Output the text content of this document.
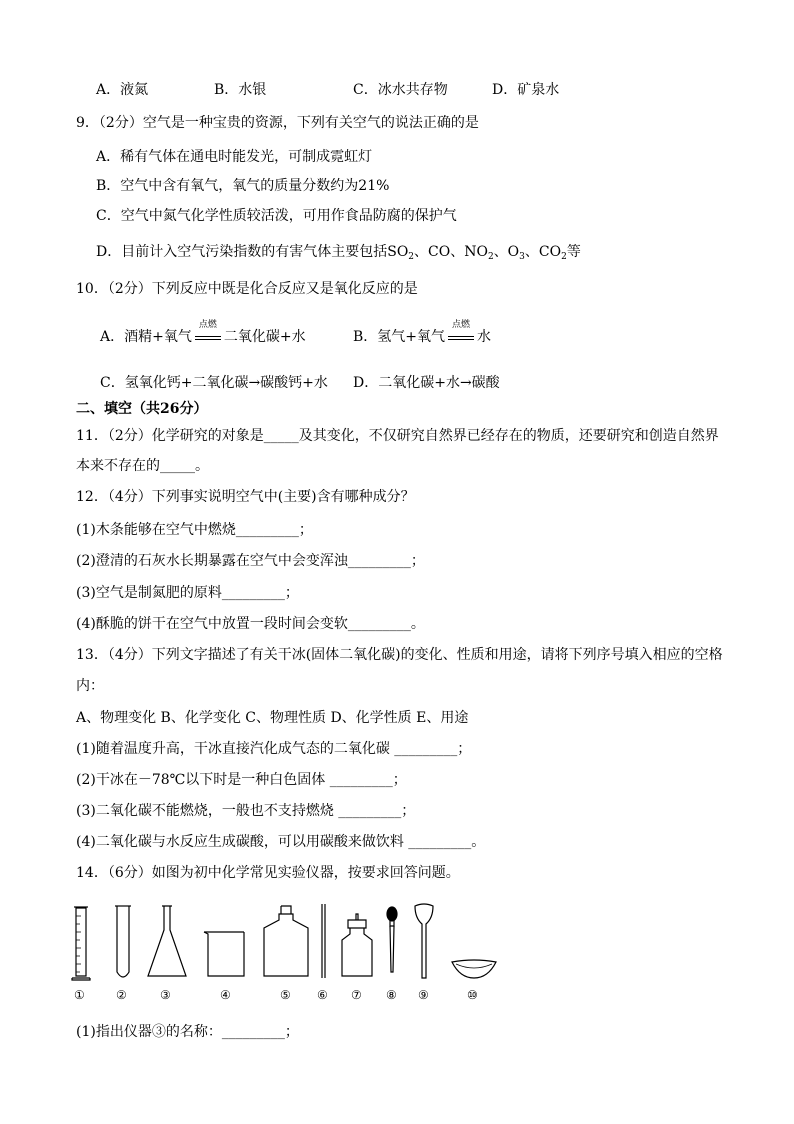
A．液氮	B．水银	C．冰水共存物	D．矿泉水
9．（2分）空气是一种宝贵的资源，下列有关空气的说法正确的是
A．稀有气体在通电时能发光，可制成霓虹灯
B．空气中含有氧气，氧气的质量分数约为21%
C．空气中氮气化学性质较活泼，可用作食品防腐的保护气
D．目前计入空气污染指数的有害气体主要包括$SO_2$、CO、$NO_2$、$O_3$、$CO_2$等
10．（2分）下列反应中既是化合反应又是氧化反应的是
A．酒精+氧气
点燃
二氧化碳+水	B．氢气+氧气
点燃
水
C．氢氧化钙+二氧化碳→碳酸钙+水 D．二氧化碳+水→碳酸
二、填空（共26分）
11．（2分）化学研究的对象是_____及其变化，不仅研究自然界已经存在的物质，还要研究和创造自然界
本来不存在的_____。
12．（4分）下列事实说明空气中(主要)含有哪种成分？
(1)木条能够在空气中燃烧_________；
(2)澄清的石灰水长期暴露在空气中会变浑浊_________；
(3)空气是制氮肥的原料_________；
(4)酥脆的饼干在空气中放置一段时间会变软_________。
13．（4分）下列文字描述了有关干冰(固体二氧化碳)的变化、性质和用途，请将下列序号填入相应的空格
内：
A、物理变化 B、化学变化 C、物理性质 D、化学性质 E、用途
(1)随着温度升高，干冰直接汽化成气态的二氧化碳 _________；
(2)干冰在－78℃以下时是一种白色固体 _________；
(3)二氧化碳不能燃烧，一般也不支持燃烧 _________；
(4)二氧化碳与水反应生成碳酸，可以用碳酸来做饮料 _________。
14．（6分）如图为初中化学常见实验仪器，按要求回答问题。
①	②	③	④	⑤ ⑥ ⑦ ⑧ ⑨	⑩
(1)指出仪器③的名称：_________；
